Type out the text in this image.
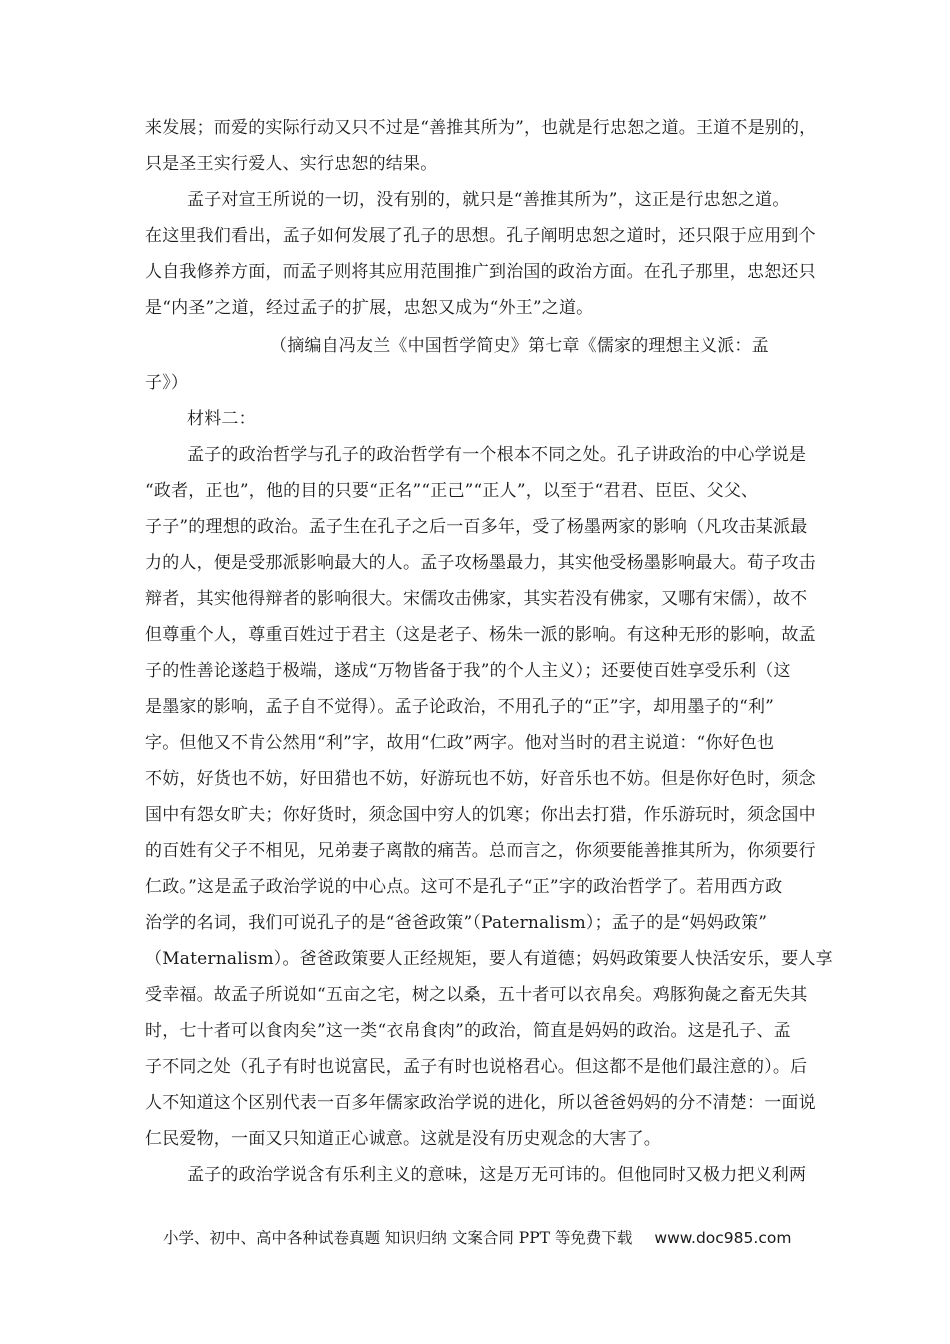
来发展；而爱的实际行动又只不过是“善推其所为”，也就是行忠恕之道。王道不是别的，
只是圣王实行爱人、实行忠恕的结果。
孟子对宣王所说的一切，没有别的，就只是“善推其所为”，这正是行忠恕之道。
在这里我们看出，孟子如何发展了孔子的思想。孔子阐明忠恕之道时，还只限于应用到个
人自我修养方面，而孟子则将其应用范围推广到治国的政治方面。在孔子那里，忠恕还只
是“内圣”之道，经过孟子的扩展，忠恕又成为“外王”之道。
（摘编自冯友兰《中国哲学简史》第七章《儒家的理想主义派：孟
子》）
材料二：
孟子的政治哲学与孔子的政治哲学有一个根本不同之处。孔子讲政治的中心学说是
“政者，正也”，他的目的只要“正名”“正己”“正人”，以至于“君君、臣臣、父父、
子子”的理想的政治。孟子生在孔子之后一百多年，受了杨墨两家的影响（凡攻击某派最
力的人，便是受那派影响最大的人。孟子攻杨墨最力，其实他受杨墨影响最大。荀子攻击
辩者，其实他得辩者的影响很大。宋儒攻击佛家，其实若没有佛家，又哪有宋儒），故不
但尊重个人，尊重百姓过于君主（这是老子、杨朱一派的影响。有这种无形的影响，故孟
子的性善论遂趋于极端，遂成“万物皆备于我”的个人主义）；还要使百姓享受乐利（这
是墨家的影响，孟子自不觉得）。孟子论政治，不用孔子的“正”字，却用墨子的“利”
字。但他又不肯公然用“利”字，故用“仁政”两字。他对当时的君主说道：“你好色也
不妨，好货也不妨，好田猎也不妨，好游玩也不妨，好音乐也不妨。但是你好色时，须念
国中有怨女旷夫；你好货时，须念国中穷人的饥寒；你出去打猎，作乐游玩时，须念国中
的百姓有父子不相见，兄弟妻子离散的痛苦。总而言之，你须要能善推其所为，你须要行
仁政。”这是孟子政治学说的中心点。这可不是孔子“正”字的政治哲学了。若用西方政
治学的名词，我们可说孔子的是“爸爸政策”（Paternalism）；孟子的是“妈妈政策”
（Maternalism）。爸爸政策要人正经规矩，要人有道德；妈妈政策要人快活安乐，要人享
受幸福。故孟子所说如“五亩之宅，树之以桑，五十者可以衣帛矣。鸡豚狗彘之畜无失其
时，七十者可以食肉矣”这一类“衣帛食肉”的政治，简直是妈妈的政治。这是孔子、孟
子不同之处（孔子有时也说富民，孟子有时也说格君心。但这都不是他们最注意的）。后
人不知道这个区别代表一百多年儒家政治学说的进化，所以爸爸妈妈的分不清楚：一面说
仁民爱物，一面又只知道正心诚意。这就是没有历史观念的大害了。
孟子的政治学说含有乐利主义的意味，这是万无可讳的。但他同时又极力把义利两
小学、初中、高中各种试卷真题 知识归纳 文案合同 PPT 等免费下载 www.doc985.com
